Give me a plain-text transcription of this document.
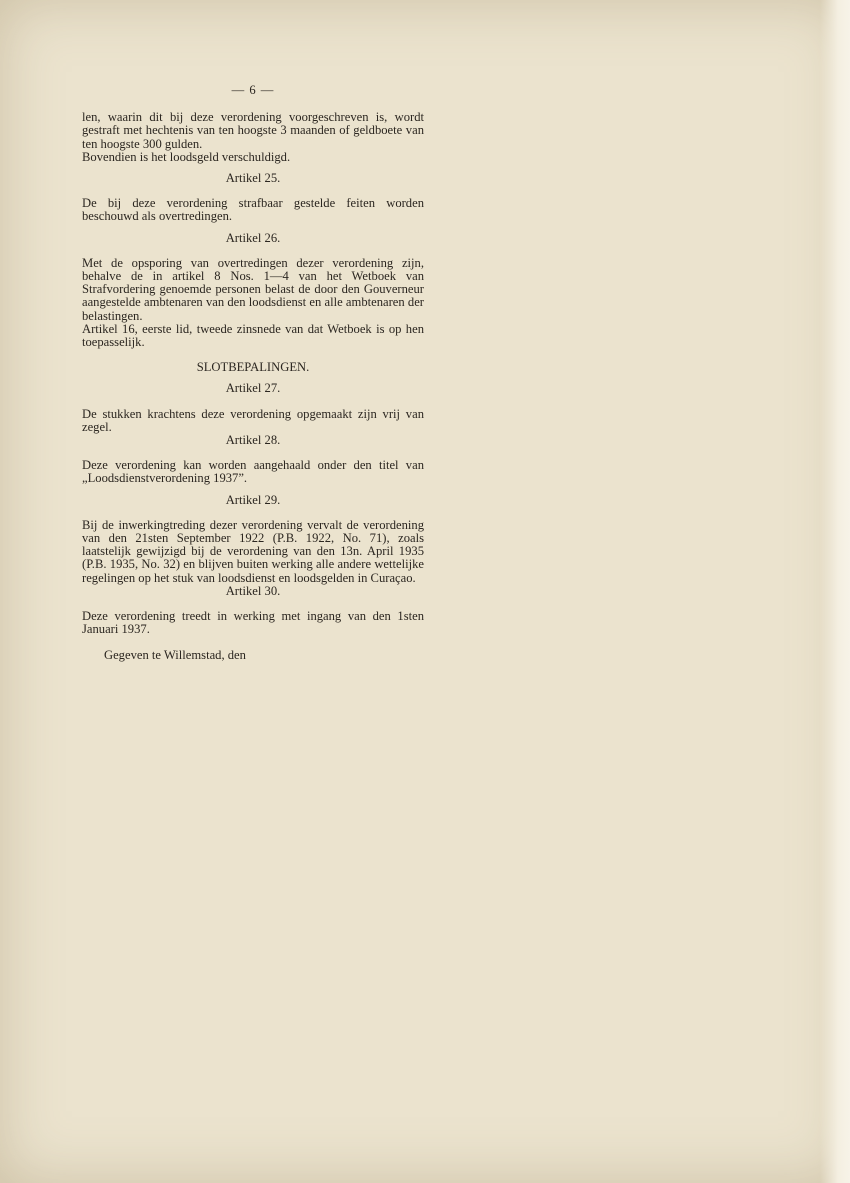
— 6 —

len, waarin dit bij deze verordening voorgeschreven is, wordt gestraft met hechtenis van ten hoogste 3 maanden of geldboete van ten hoogste 300 gulden.

Bovendien is het loodsgeld verschuldigd.

Artikel 25.

De bij deze verordening strafbaar gestelde feiten worden beschouwd als overtredingen.

Artikel 26.

Met de opsporing van overtredingen dezer verordening zijn, behalve de in artikel 8 Nos. 1—4 van het Wetboek van Strafvordering genoemde personen belast de door den Gouverneur aangestelde ambtenaren van den loodsdienst en alle ambtenaren der belastingen.

Artikel 16, eerste lid, tweede zinsnede van dat Wetboek is op hen toepasselijk.

SLOTBEPALINGEN.

Artikel 27.

De stukken krachtens deze verordening opgemaakt zijn vrij van zegel.

Artikel 28.

Deze verordening kan worden aangehaald onder den titel van „Loodsdienstverordening 1937”.

Artikel 29.

Bij de inwerkingtreding dezer verordening vervalt de verordening van den 21sten September 1922 (P.B. 1922, No. 71), zoals laatstelijk gewijzigd bij de verordening van den 13n. April 1935 (P.B. 1935, No. 32) en blijven buiten werking alle andere wettelijke regelingen op het stuk van loodsdienst en loodsgelden in Curaçao.

Artikel 30.

Deze verordening treedt in werking met ingang van den 1sten Januari 1937.

Gegeven te Willemstad, den
